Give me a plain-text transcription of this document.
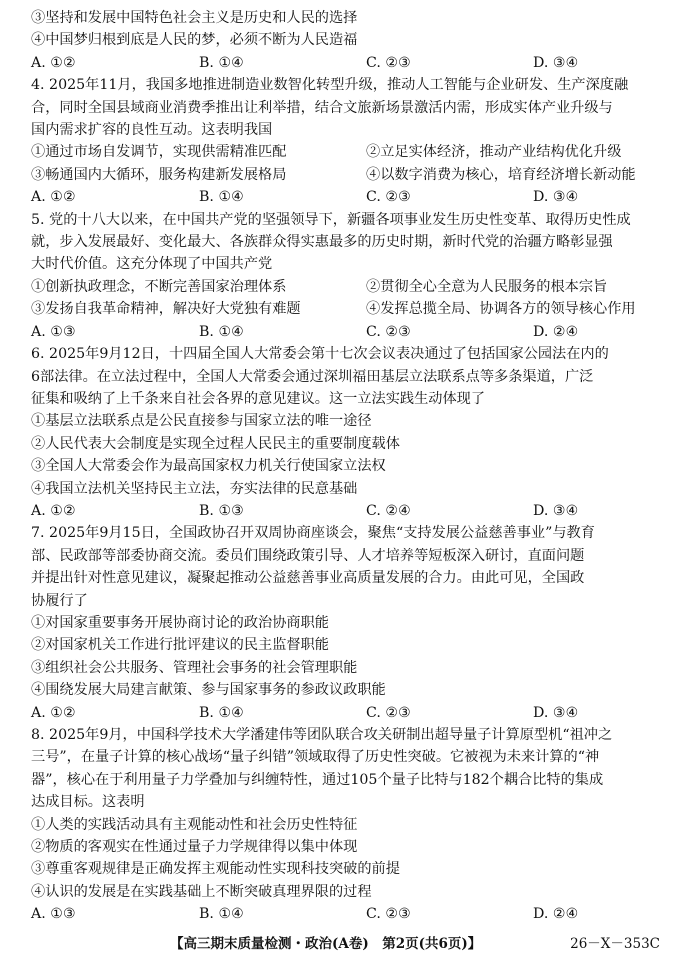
③坚持和发展中国特色社会主义是历史和人民的选择
④中国梦归根到底是人民的梦，必须不断为人民造福
A. ①②	B. ①④	C. ②③	D. ③④
4. 2025年11月，我国多地推进制造业数智化转型升级，推动人工智能与企业研发、生产深度融
合，同时全国县域商业消费季推出让利举措，结合文旅新场景激活内需，形成实体产业升级与
国内需求扩容的良性互动。这表明我国
①通过市场自发调节，实现供需精准匹配	②立足实体经济，推动产业结构优化升级
③畅通国内大循环，服务构建新发展格局	④以数字消费为核心，培育经济增长新动能
A. ①②	B. ①④	C. ②③	D. ③④
5. 党的十八大以来，在中国共产党的坚强领导下，新疆各项事业发生历史性变革、取得历史性成
就，步入发展最好、变化最大、各族群众得实惠最多的历史时期，新时代党的治疆方略彰显强
大时代价值。这充分体现了中国共产党
①创新执政理念，不断完善国家治理体系	②贯彻全心全意为人民服务的根本宗旨
③发扬自我革命精神，解决好大党独有难题	④发挥总揽全局、协调各方的领导核心作用
A. ①③	B. ①④	C. ②③	D. ②④
6. 2025年9月12日，十四届全国人大常委会第十七次会议表决通过了包括国家公园法在内的
6部法律。在立法过程中，全国人大常委会通过深圳福田基层立法联系点等多条渠道，广泛
征集和吸纳了上千条来自社会各界的意见建议。这一立法实践生动体现了
①基层立法联系点是公民直接参与国家立法的唯一途径
②人民代表大会制度是实现全过程人民民主的重要制度载体
③全国人大常委会作为最高国家权力机关行使国家立法权
④我国立法机关坚持民主立法，夯实法律的民意基础
A. ①②	B. ①③	C. ②④	D. ③④
7. 2025年9月15日，全国政协召开双周协商座谈会，聚焦“支持发展公益慈善事业”与教育
部、民政部等部委协商交流。委员们围绕政策引导、人才培养等短板深入研讨，直面问题
并提出针对性意见建议，凝聚起推动公益慈善事业高质量发展的合力。由此可见，全国政
协履行了
①对国家重要事务开展协商讨论的政治协商职能
②对国家机关工作进行批评建议的民主监督职能
③组织社会公共服务、管理社会事务的社会管理职能
④围绕发展大局建言献策、参与国家事务的参政议政职能
A. ①②	B. ①④	C. ②③	D. ③④
8. 2025年9月，中国科学技术大学潘建伟等团队联合攻关研制出超导量子计算原型机“祖冲之
三号”，在量子计算的核心战场“量子纠错”领域取得了历史性突破。它被视为未来计算的“神
器”，核心在于利用量子力学叠加与纠缠特性，通过105个量子比特与182个耦合比特的集成
达成目标。这表明
①人类的实践活动具有主观能动性和社会历史性特征
②物质的客观实在性通过量子力学规律得以集中体现
③尊重客观规律是正确发挥主观能动性实现科技突破的前提
④认识的发展是在实践基础上不断突破真理界限的过程
A. ①③	B. ①④	C. ②③	D. ②④
【高三期末质量检测・政治(A卷)　第2页(共6页)】	26－X－353C
